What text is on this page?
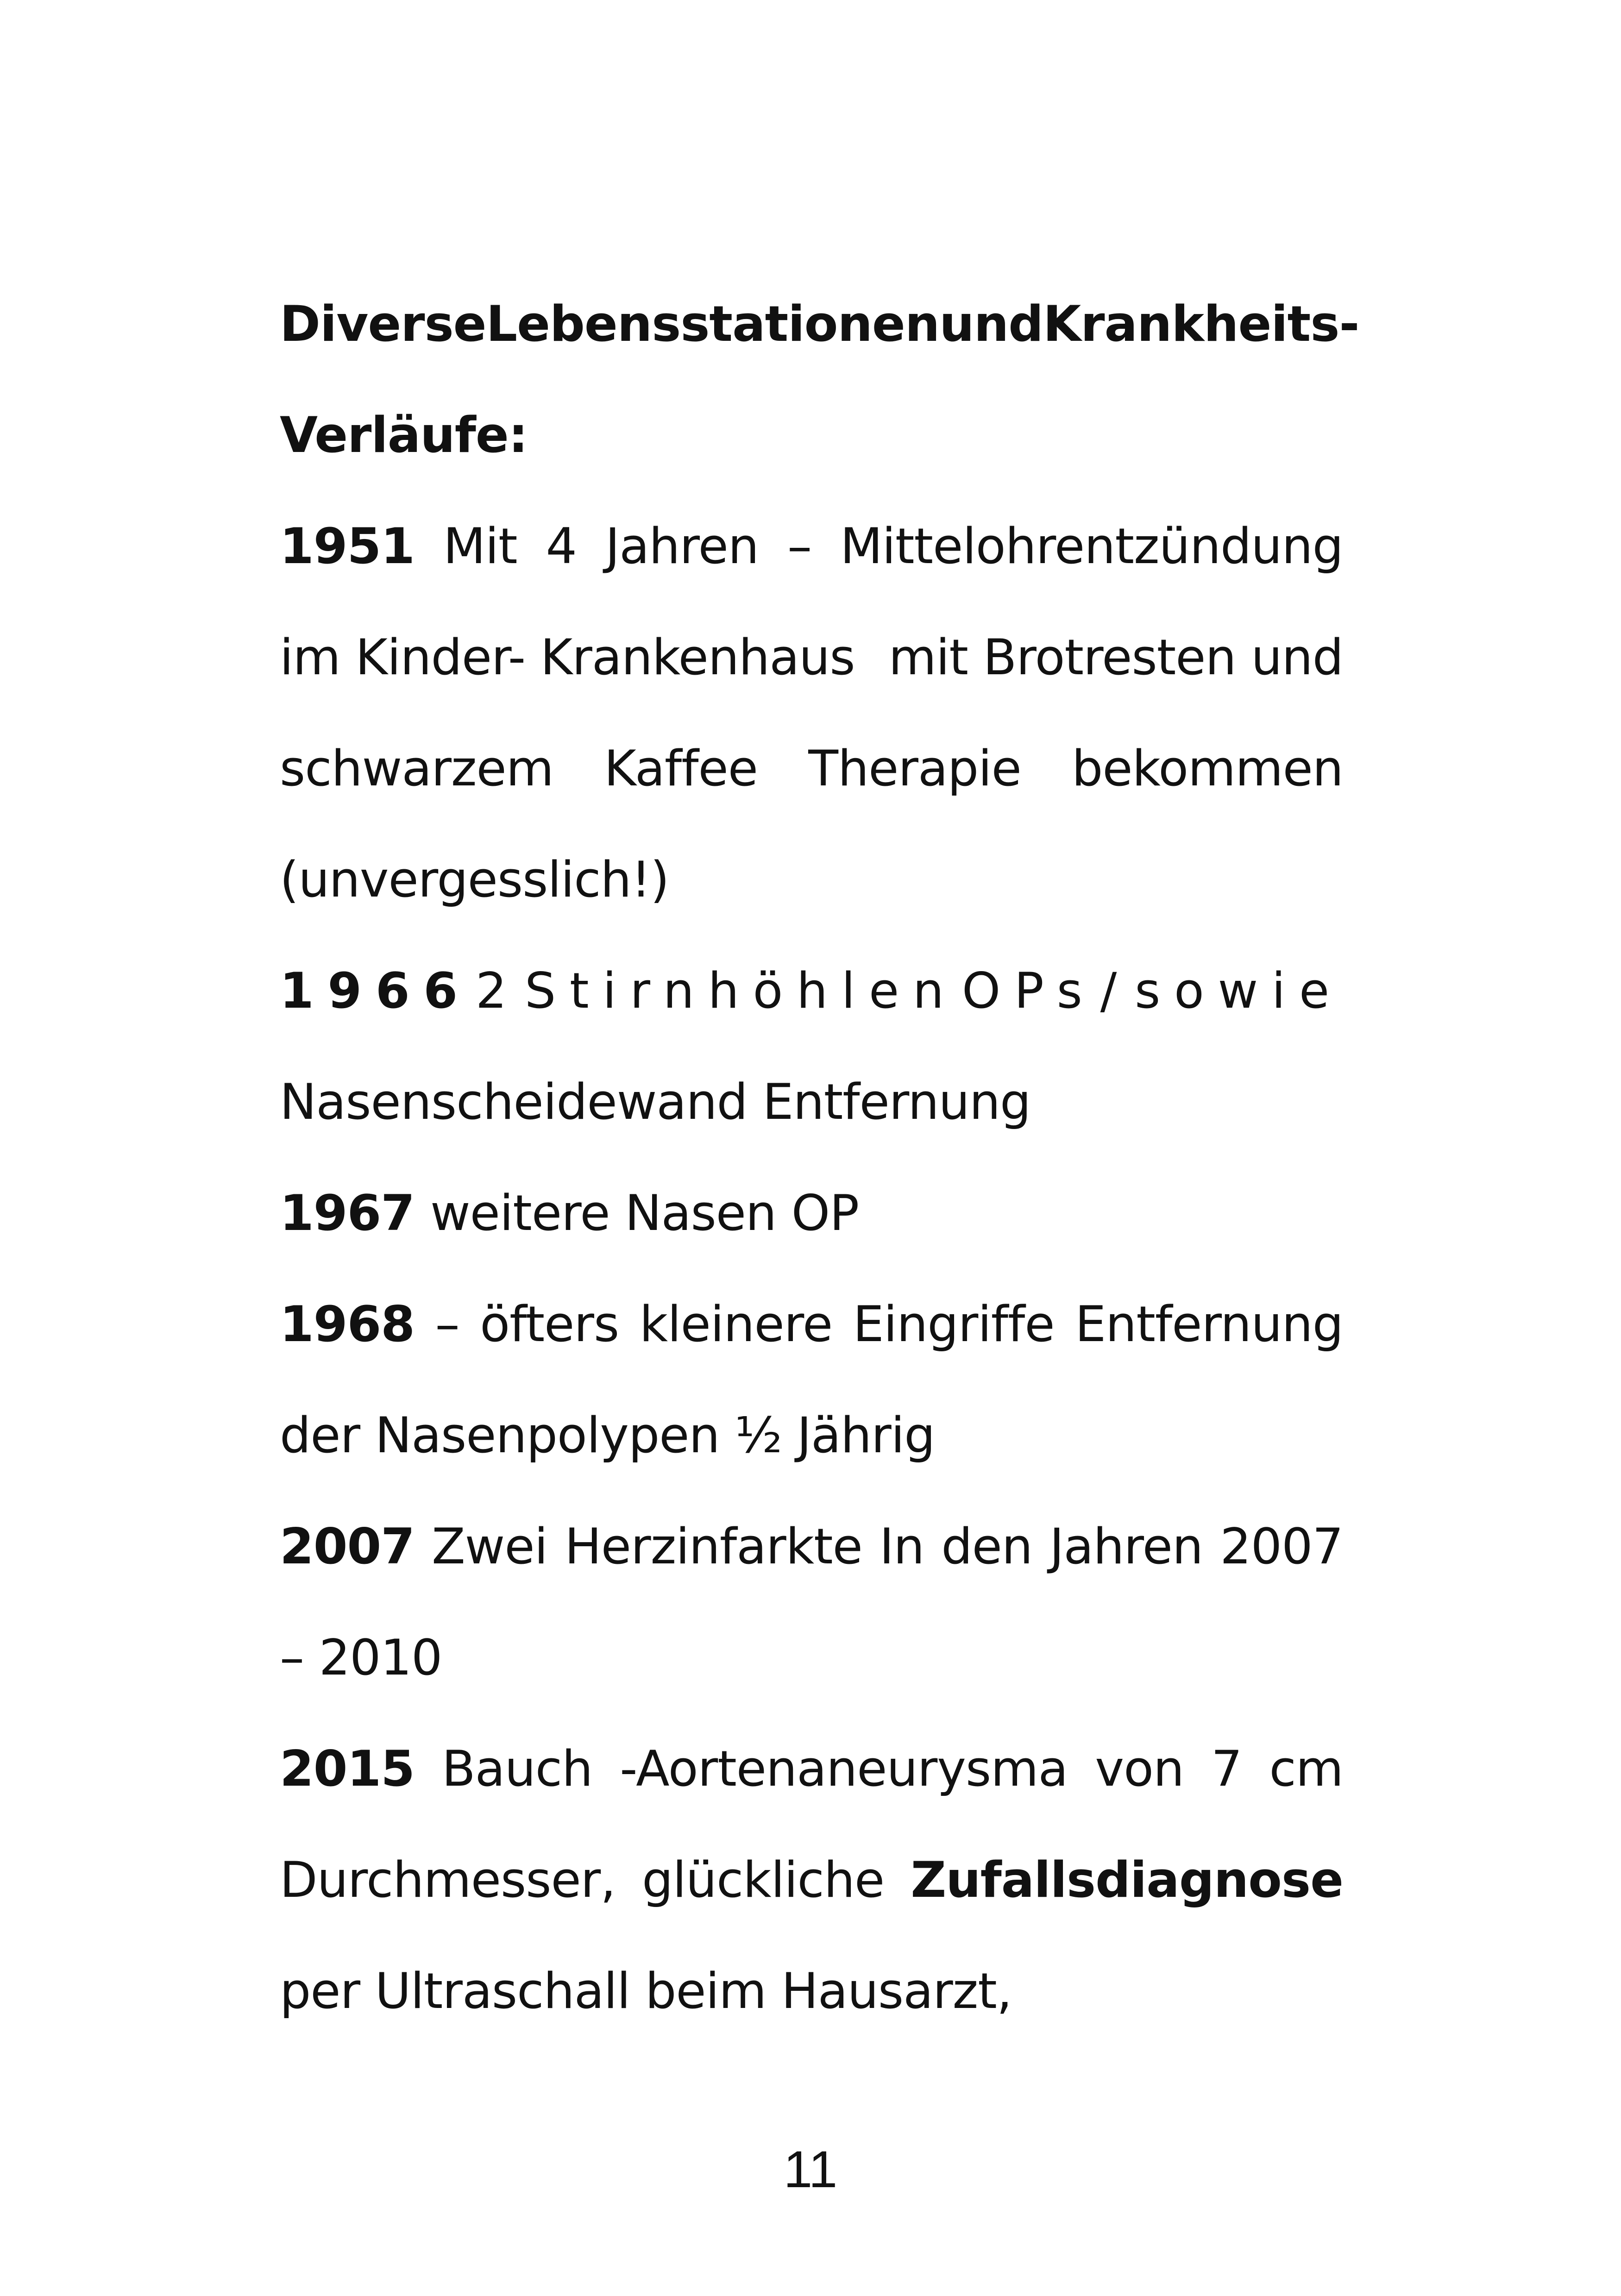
Diverse Lebensstationen und Krankheits-
Verläufe:
1951 Mit 4 Jahren – Mittelohrentzündung
im Kinder- Krankenhaus mit Brotresten und
schwarzem Kaffee Therapie bekommen
(unvergesslich!)
1966 2 Stirnhöhlen OPs / sowie
Nasenscheidewand Entfernung
1967 weitere Nasen OP
1968 – öfters kleinere Eingriffe Entfernung
der Nasenpolypen ½ Jährig
2007 Zwei Herzinfarkte In den Jahren 2007
– 2010
2015 Bauch -Aortenaneurysma von 7 cm
Durchmesser, glückliche Zufallsdiagnose
per Ultraschall beim Hausarzt,
11
